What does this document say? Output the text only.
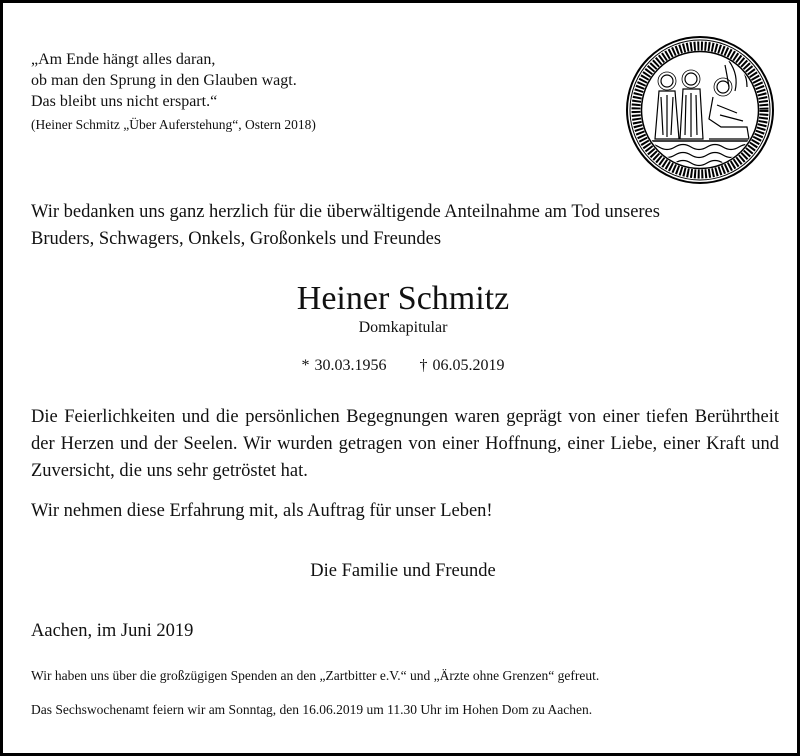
„Am Ende hängt alles daran,
ob man den Sprung in den Glauben wagt.
Das bleibt uns nicht erspart.“
(Heiner Schmitz „Über Auferstehung“, Ostern 2018)
Wir bedanken uns ganz herzlich für die überwältigende Anteilnahme am Tod unseres
Bruders, Schwagers, Onkels, Großonkels und Freundes
Heiner Schmitz
Domkapitular
* 30.03.1956 † 06.05.2019
Die Feierlichkeiten und die persönlichen Begegnungen waren geprägt von einer tiefen Berührtheit der Herzen und der Seelen. Wir wurden getragen von einer Hoffnung, einer Liebe, einer Kraft und Zuversicht, die uns sehr getröstet hat.
Wir nehmen diese Erfahrung mit, als Auftrag für unser Leben!
Die Familie und Freunde
Aachen, im Juni 2019
Wir haben uns über die großzügigen Spenden an den „Zartbitter e.V.“ und „Ärzte ohne Grenzen“ gefreut.
Das Sechswochenamt feiern wir am Sonntag, den 16.06.2019 um 11.30 Uhr im Hohen Dom zu Aachen.
